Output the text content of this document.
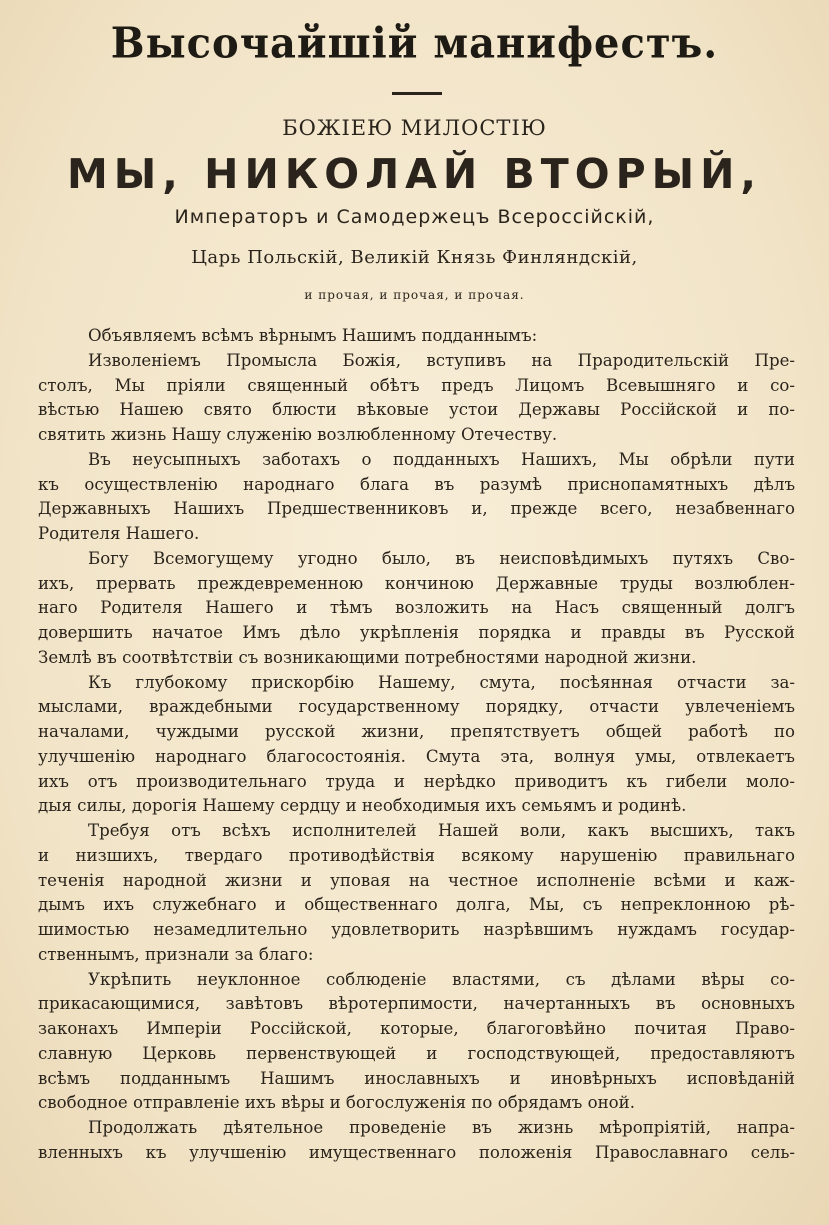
Высочайшій манифестъ.
БОЖІЕЮ МИЛОСТІЮ
МЫ, НИКОЛАЙ ВТОРЫЙ,
Императоръ и Самодержецъ Всероссійскій,
Царь Польскій, Великій Князь Финляндскій,
и прочая, и прочая, и прочая.
Объявляемъ всѣмъ вѣрнымъ Нашимъ подданнымъ:
Изволеніемъ Промысла Божія, вступивъ на Прародительскій Пре-
столъ, Мы пріяли священный обѣтъ предъ Лицомъ Всевышняго и со-
вѣстью Нашею свято блюсти вѣковые устои Державы Россійской и по-
святить жизнь Нашу служенію возлюбленному Отечеству.
Въ неусыпныхъ заботахъ о подданныхъ Нашихъ, Мы обрѣли пути
къ осуществленію народнаго блага въ разумѣ приснопамятныхъ дѣлъ
Державныхъ Нашихъ Предшественниковъ и, прежде всего, незабвеннаго
Родителя Нашего.
Богу Всемогущему угодно было, въ неисповѣдимыхъ путяхъ Сво-
ихъ, прервать преждевременною кончиною Державные труды возлюблен-
наго Родителя Нашего и тѣмъ возложить на Насъ священный долгъ
довершить начатое Имъ дѣло укрѣпленія порядка и правды въ Русской
Землѣ въ соотвѣтствіи съ возникающими потребностями народной жизни.
Къ глубокому прискорбію Нашему, смута, посѣянная отчасти за-
мыслами, враждебными государственному порядку, отчасти увлеченіемъ
началами, чуждыми русской жизни, препятствуетъ общей работѣ по
улучшенію народнаго благосостоянія. Смута эта, волнуя умы, отвлекаетъ
ихъ отъ производительнаго труда и нерѣдко приводитъ къ гибели моло-
дыя силы, дорогія Нашему сердцу и необходимыя ихъ семьямъ и родинѣ.
Требуя отъ всѣхъ исполнителей Нашей воли, какъ высшихъ, такъ
и низшихъ, твердаго противодѣйствія всякому нарушенію правильнаго
теченія народной жизни и уповая на честное исполненіе всѣми и каж-
дымъ ихъ служебнаго и общественнаго долга, Мы, съ непреклонною рѣ-
шимостью незамедлительно удовлетворить назрѣвшимъ нуждамъ государ-
ственнымъ, признали за благо:
Укрѣпить неуклонное соблюденіе властями, съ дѣлами вѣры со-
прикасающимися, завѣтовъ вѣротерпимости, начертанныхъ въ основныхъ
законахъ Имперіи Россійской, которые, благоговѣйно почитая Право-
славную Церковь первенствующей и господствующей, предоставляютъ
всѣмъ подданнымъ Нашимъ инославныхъ и иновѣрныхъ исповѣданій
свободное отправленіе ихъ вѣры и богослуженія по обрядамъ оной.
Продолжать дѣятельное проведеніе въ жизнь мѣропріятій, напра-
вленныхъ къ улучшенію имущественнаго положенія Православнаго сель-
